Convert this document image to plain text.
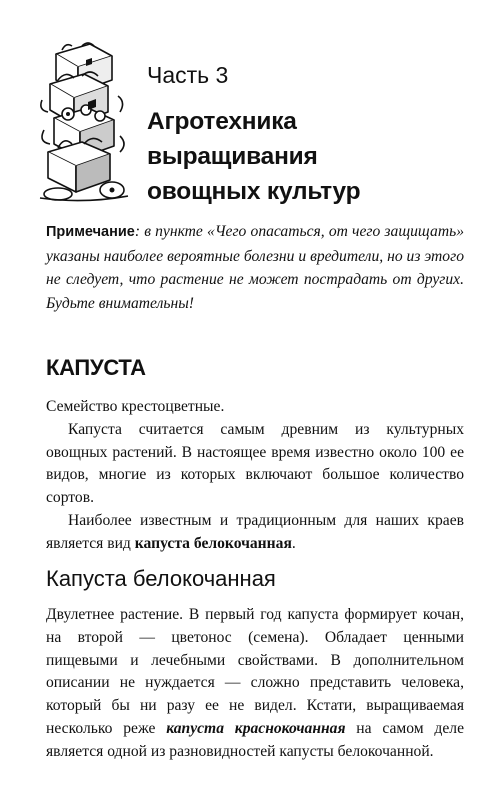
Часть 3
Агротехника
выращивания
овощных культур

Примечание: в пункте «Чего опасаться, от чего защищать» указаны наиболее вероятные болезни и вредители, но из этого не следует, что растение не может пострадать от других. Будьте внимательны!

КАПУСТА

Семейство крестоцветные.

Капуста считается самым древним из культурных овощных растений. В настоящее время известно около 100 ее видов, многие из которых включают большое количество сортов.

Наиболее известным и традиционным для наших краев является вид капуста белокочанная.

Капуста белокочанная

Двулетнее растение. В первый год капуста формирует кочан, на второй — цветонос (семена). Обладает ценными пищевыми и лечебными свойствами. В дополнительном описании не нуждается — сложно представить человека, который бы ни разу ее не видел. Кстати, выращиваемая несколько реже капуста краснокочанная на самом деле является одной из разновидностей капусты белокочанной.
